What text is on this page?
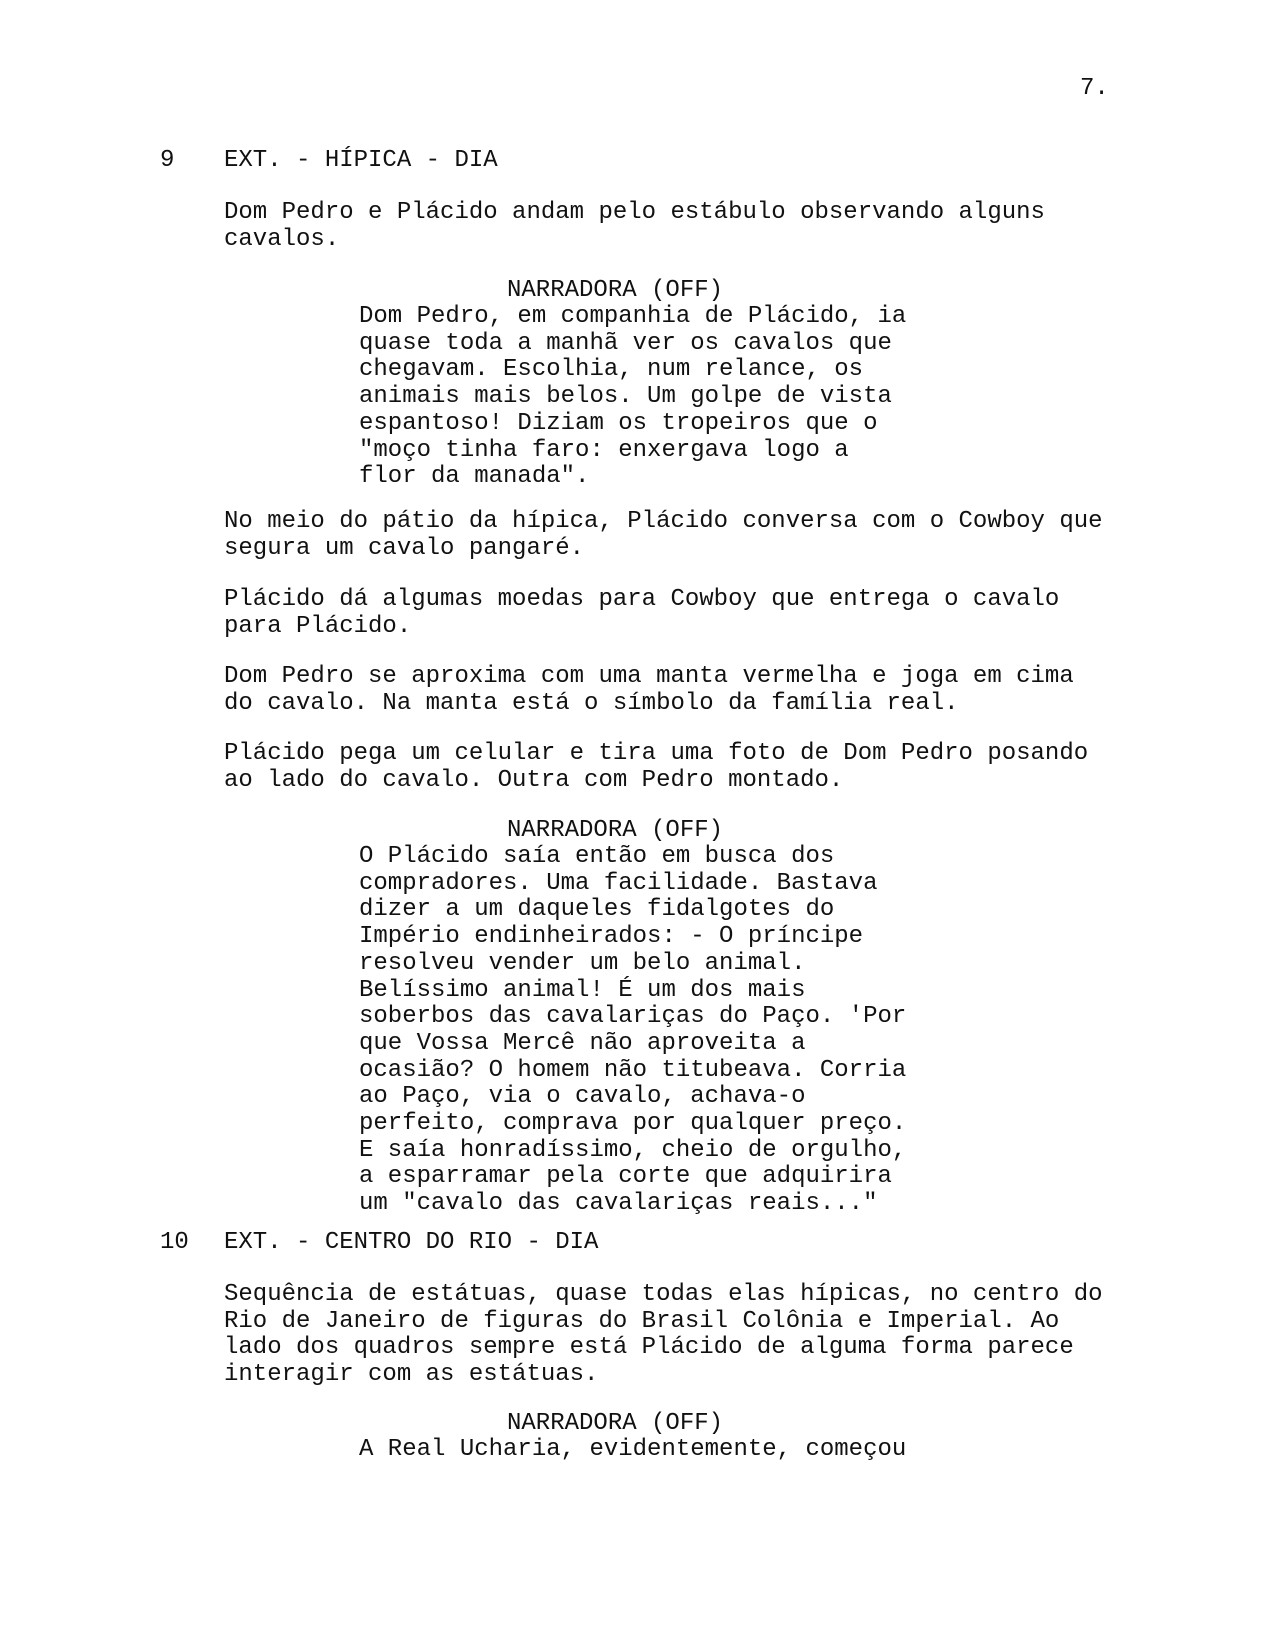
7.
9 EXT. - HÍPICA - DIA

Dom Pedro e Plácido andam pelo estábulo observando alguns
cavalos.

NARRADORA (OFF)

Dom Pedro, em companhia de Plácido, ia
quase toda a manhã ver os cavalos que
chegavam. Escolhia, num relance, os
animais mais belos. Um golpe de vista
espantoso! Diziam os tropeiros que o
"moço tinha faro: enxergava logo a
flor da manada".

No meio do pátio da hípica, Plácido conversa com o Cowboy que
segura um cavalo pangaré.

Plácido dá algumas moedas para Cowboy que entrega o cavalo
para Plácido.

Dom Pedro se aproxima com uma manta vermelha e joga em cima
do cavalo. Na manta está o símbolo da família real.

Plácido pega um celular e tira uma foto de Dom Pedro posando
ao lado do cavalo. Outra com Pedro montado.

NARRADORA (OFF)

O Plácido saía então em busca dos
compradores. Uma facilidade. Bastava
dizer a um daqueles fidalgotes do
Império endinheirados: - O príncipe
resolveu vender um belo animal.
Belíssimo animal! É um dos mais
soberbos das cavalariças do Paço. 'Por
que Vossa Mercê não aproveita a
ocasião? O homem não titubeava. Corria
ao Paço, via o cavalo, achava-o
perfeito, comprava por qualquer preço.
E saía honradíssimo, cheio de orgulho,
a esparramar pela corte que adquirira
um "cavalo das cavalariças reais..."

10 EXT. - CENTRO DO RIO - DIA

Sequência de estátuas, quase todas elas hípicas, no centro do
Rio de Janeiro de figuras do Brasil Colônia e Imperial. Ao
lado dos quadros sempre está Plácido de alguma forma parece
interagir com as estátuas.

NARRADORA (OFF)

A Real Ucharia, evidentemente, começou
